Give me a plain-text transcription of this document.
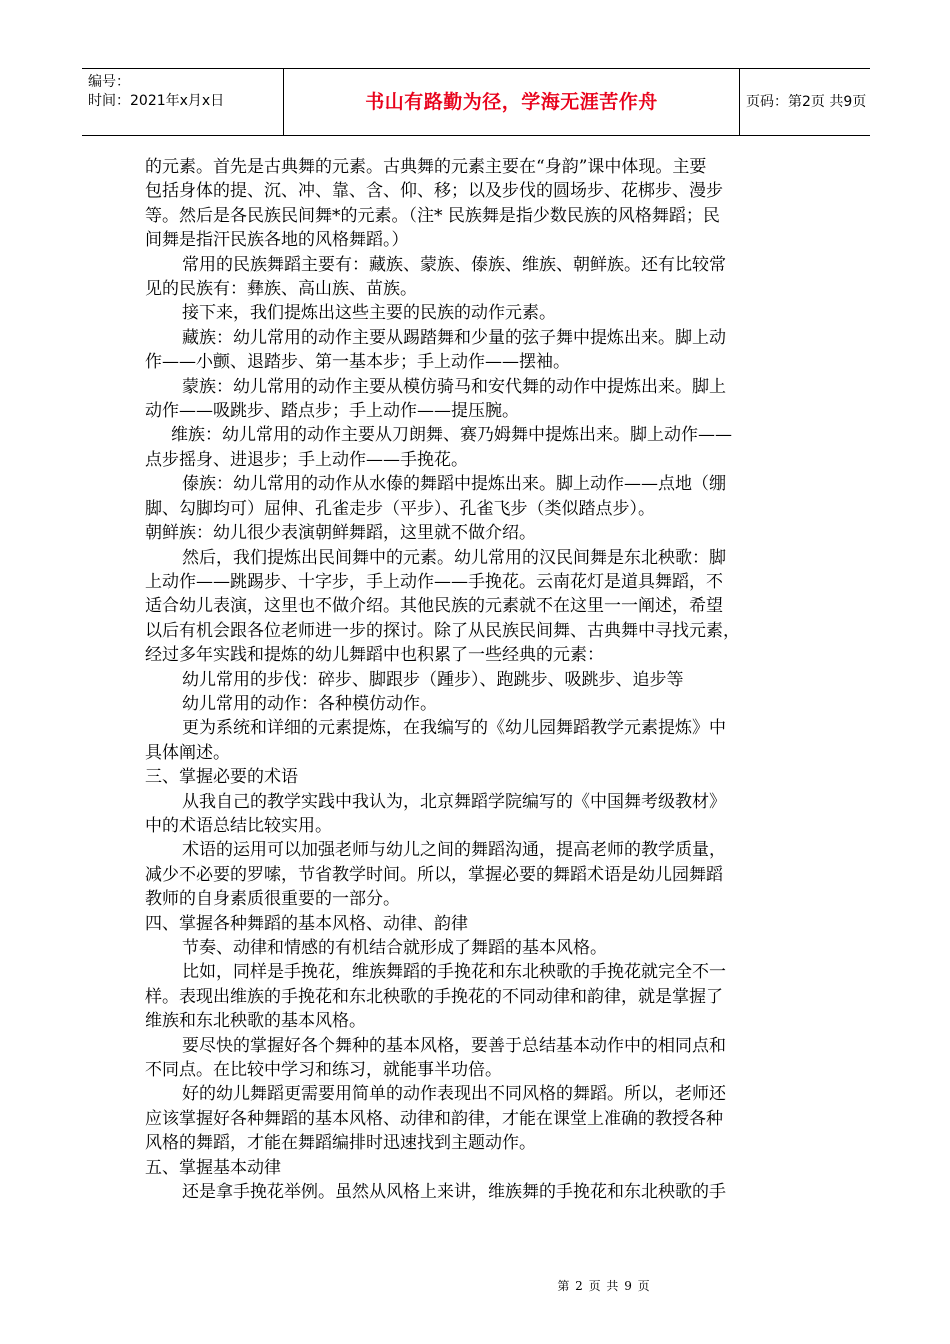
编号：
时间：2021年x月x日	书山有路勤为径，学海无涯苦作舟	页码：第2页 共9页

的元素。首先是古典舞的元素。古典舞的元素主要在“身韵”课中体现。主要

包括身体的提、沉、冲、靠、含、仰、移；以及步伐的圆场步、花梆步、漫步

等。然后是各民族民间舞*的元素。（注* 民族舞是指少数民族的风格舞蹈；民

间舞是指汗民族各地的风格舞蹈。）

常用的民族舞蹈主要有：藏族、蒙族、傣族、维族、朝鲜族。还有比较常

见的民族有：彝族、高山族、苗族。

接下来，我们提炼出这些主要的民族的动作元素。

藏族：幼儿常用的动作主要从踢踏舞和少量的弦子舞中提炼出来。脚上动

作——小颤、退踏步、第一基本步；手上动作——摆袖。

蒙族：幼儿常用的动作主要从模仿骑马和安代舞的动作中提炼出来。脚上

动作——吸跳步、踏点步；手上动作——提压腕。

维族：幼儿常用的动作主要从刀朗舞、赛乃姆舞中提炼出来。脚上动作——

点步摇身、进退步；手上动作——手挽花。

傣族：幼儿常用的动作从水傣的舞蹈中提炼出来。脚上动作——点地（绷

脚、勾脚均可）屈伸、孔雀走步（平步）、孔雀飞步（类似踏点步）。

朝鲜族：幼儿很少表演朝鲜舞蹈，这里就不做介绍。

然后，我们提炼出民间舞中的元素。幼儿常用的汉民间舞是东北秧歌：脚

上动作——跳踢步、十字步，手上动作——手挽花。云南花灯是道具舞蹈，不

适合幼儿表演，这里也不做介绍。其他民族的元素就不在这里一一阐述，希望

以后有机会跟各位老师进一步的探讨。除了从民族民间舞、古典舞中寻找元素，

经过多年实践和提炼的幼儿舞蹈中也积累了一些经典的元素：

幼儿常用的步伐：碎步、脚跟步（踵步）、跑跳步、吸跳步、追步等

幼儿常用的动作：各种模仿动作。

更为系统和详细的元素提炼，在我编写的《幼儿园舞蹈教学元素提炼》中

具体阐述。

三、掌握必要的术语

从我自己的教学实践中我认为，北京舞蹈学院编写的《中国舞考级教材》

中的术语总结比较实用。

术语的运用可以加强老师与幼儿之间的舞蹈沟通，提高老师的教学质量，

减少不必要的罗嗦，节省教学时间。所以，掌握必要的舞蹈术语是幼儿园舞蹈

教师的自身素质很重要的一部分。

四、掌握各种舞蹈的基本风格、动律、韵律

节奏、动律和情感的有机结合就形成了舞蹈的基本风格。

比如，同样是手挽花，维族舞蹈的手挽花和东北秧歌的手挽花就完全不一

样。表现出维族的手挽花和东北秧歌的手挽花的不同动律和韵律，就是掌握了

维族和东北秧歌的基本风格。

要尽快的掌握好各个舞种的基本风格，要善于总结基本动作中的相同点和

不同点。在比较中学习和练习，就能事半功倍。

好的幼儿舞蹈更需要用简单的动作表现出不同风格的舞蹈。所以，老师还

应该掌握好各种舞蹈的基本风格、动律和韵律，才能在课堂上准确的教授各种

风格的舞蹈，才能在舞蹈编排时迅速找到主题动作。

五、掌握基本动律

还是拿手挽花举例。虽然从风格上来讲，维族舞的手挽花和东北秧歌的手

第 2 页 共 9 页
